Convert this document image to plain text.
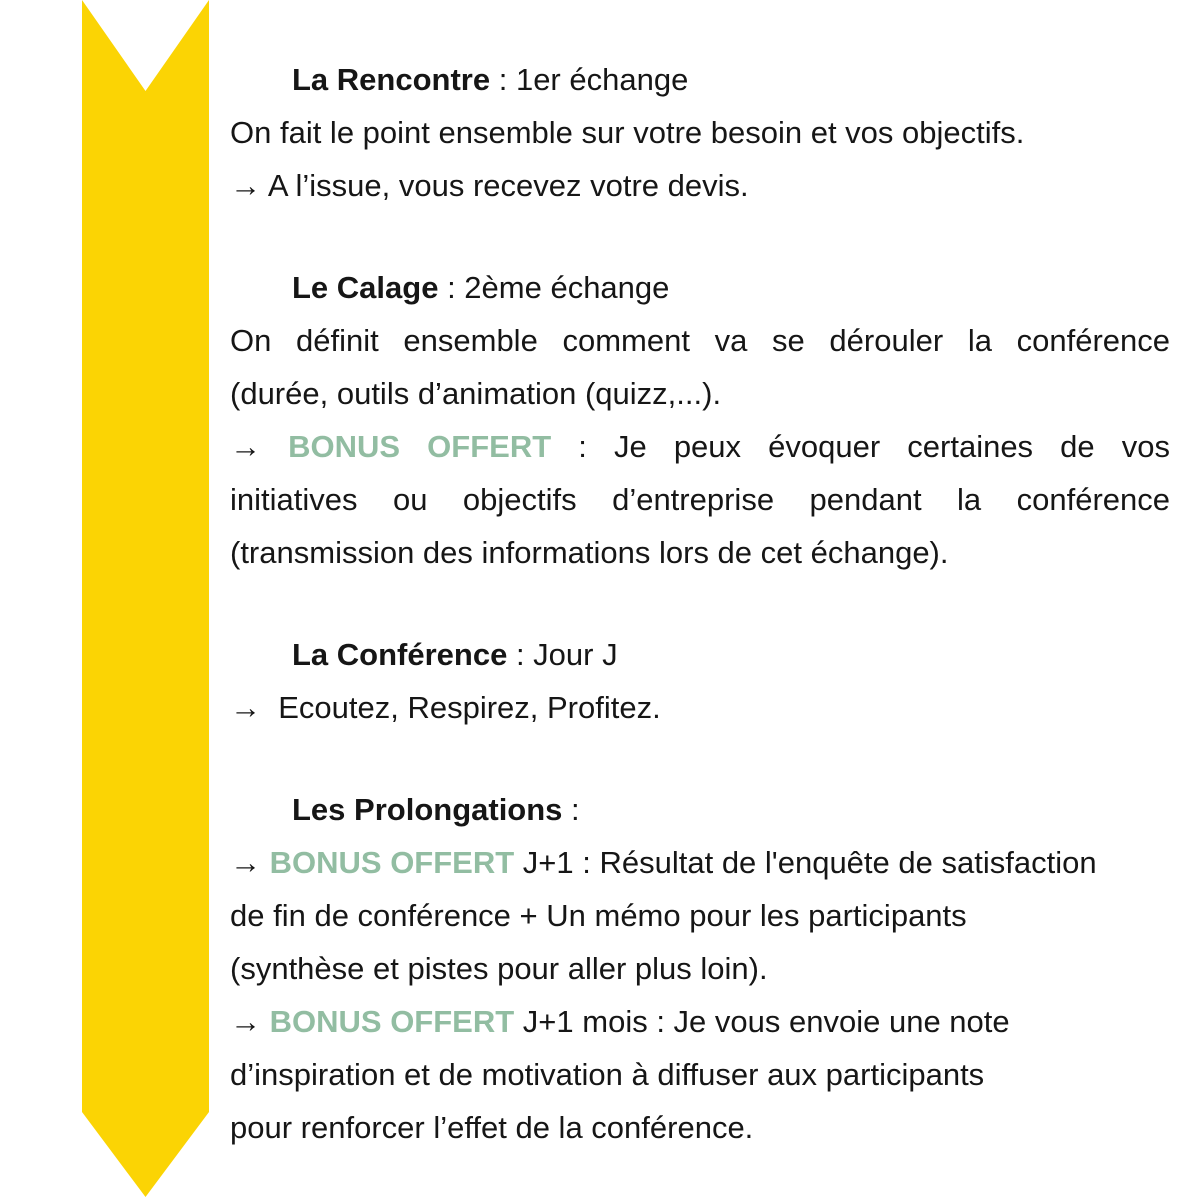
La Rencontre : 1er échange
On fait le point ensemble sur votre besoin et vos objectifs.
→ A l’issue, vous recevez votre devis.
Le Calage : 2ème échange
On définit ensemble comment va se dérouler la conférence
(durée, outils d’animation (quizz,...).
→ BONUS OFFERT : Je peux évoquer certaines de vos
initiatives ou objectifs d’entreprise pendant la conférence
(transmission des informations lors de cet échange).
La Conférence : Jour J
→  Ecoutez, Respirez, Profitez.
Les Prolongations :
→ BONUS OFFERT J+1 : Résultat de l'enquête de satisfaction
de fin de conférence + Un mémo pour les participants
(synthèse et pistes pour aller plus loin).
→ BONUS OFFERT J+1 mois : Je vous envoie une note
d’inspiration et de motivation à diffuser aux participants
pour renforcer l’effet de la conférence.
